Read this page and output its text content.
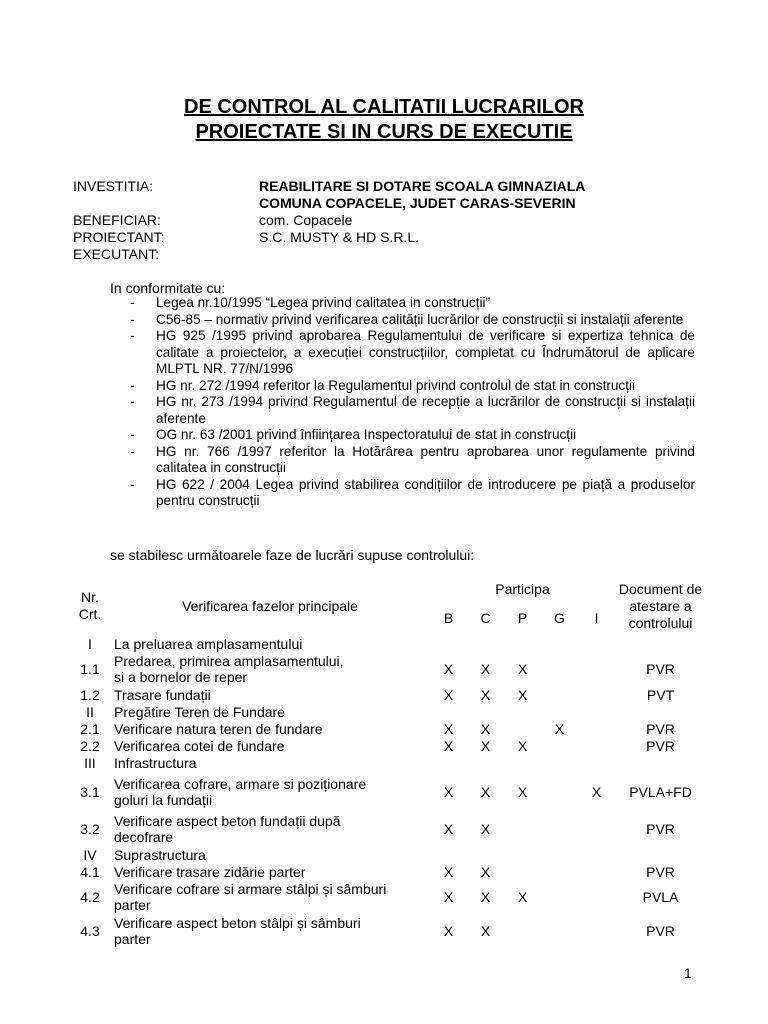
DE CONTROL AL CALITATII LUCRARILOR
PROIECTATE SI IN CURS DE EXECUTIE
INVESTITIA:	REABILITARE SI DOTARE SCOALA GIMNAZIALA
COMUNA COPACELE, JUDET CARAS-SEVERIN
BENEFICIAR:	com. Copacele
PROIECTANT:	S.C. MUSTY & HD S.R.L.
EXECUTANT:
In conformitate cu:
- Legea nr.10/1995 “Legea privind calitatea in construcții”
- C56-85 – normativ privind verificarea calității lucrărilor de construcții si instalații aferente
- HG 925 /1995 privind aprobarea Regulamentului de verificare si expertiza tehnica de calitate a proiectelor, a execuției construcțiilor, completat cu Îndrumătorul de aplicare MLPTL NR. 77/N/1996
- HG nr. 272 /1994 referitor la Regulamentul privind controlul de stat in construcții
- HG nr. 273 /1994 privind Regulamentul de recepție a lucrărilor de construcții si instalații aferente
- OG nr. 63 /2001 privind înființarea Inspectoratului de stat in construcții
- HG nr. 766 /1997 referitor la Hotărârea pentru aprobarea unor regulamente privind calitatea in construcții
- HG 622 / 2004 Legea privind stabilirea condițiilor de introducere pe piață a produselor pentru construcții
se stabilesc următoarele faze de lucrări supuse controlului:
Nr. Crt.	Verificarea fazelor principale	Participa					Document de atestare a controlului
		B	C	P	G	I	
I	La preluarea amplasamentului						
1.1	Predarea, primirea amplasamentului,
si a bornelor de reper	X	X	X			PVR
1.2	Trasare fundații	X	X	X			PVT
II	Pregătire Teren de Fundare						
2.1	Verificare natura teren de fundare	X	X		X		PVR
2.2	Verificarea cotei de fundare	X	X	X			PVR
III	Infrastructura						
3.1	Verificarea cofrare, armare si poziționare
goluri la fundații	X	X	X		X	PVLA+FD
3.2	Verificare aspect beton fundații după
decofrare	X	X				PVR
IV	Suprastructura						
4.1	Verificare trasare zidărie parter	X	X				PVR
4.2	Verificare cofrare si armare stâlpi și sâmburi
parter	X	X	X			PVLA
4.3	Verificare aspect beton stâlpi și sâmburi
parter	X	X				PVR
1
